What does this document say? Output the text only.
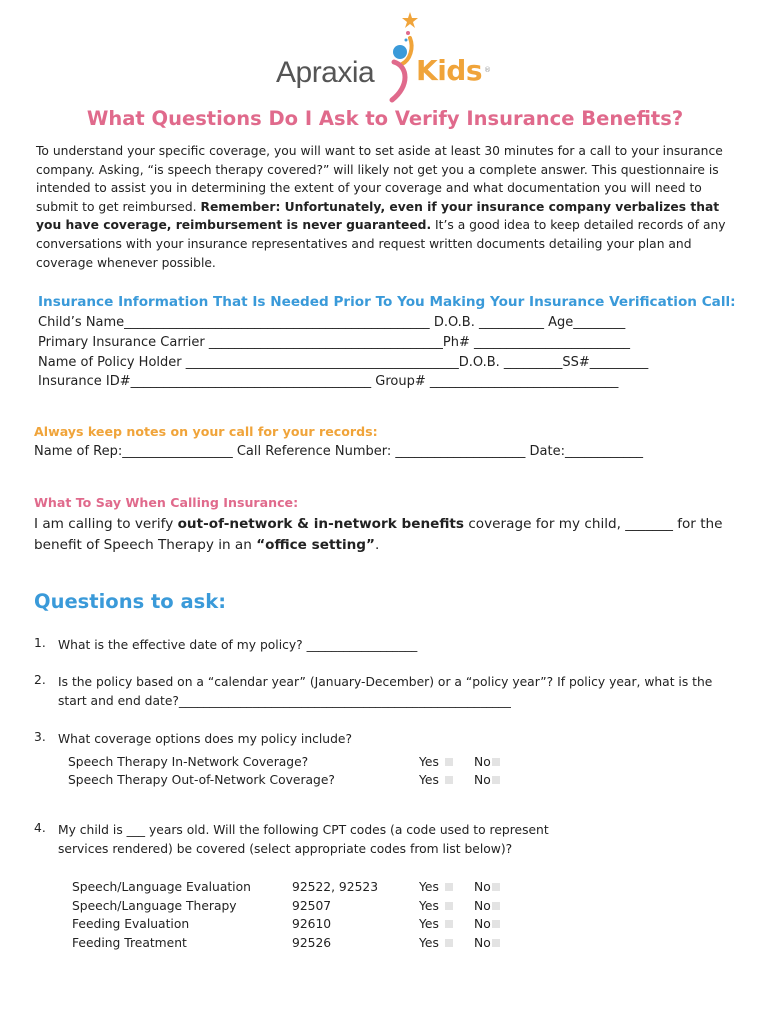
Apraxia Kids ®
What Questions Do I Ask to Verify Insurance Benefits?
To understand your specific coverage, you will want to set aside at least 30 minutes for a call to your insurance company. Asking, “is speech therapy covered?” will likely not get you a complete answer. This questionnaire is intended to assist you in determining the extent of your coverage and what documentation you will need to submit to get reimbursed. Remember: Unfortunately, even if your insurance company verbalizes that you have coverage, reimbursement is never guaranteed. It’s a good idea to keep detailed records of any conversations with your insurance representatives and request written documents detailing your plan and coverage whenever possible.
Insurance Information That Is Needed Prior To You Making Your Insurance Verification Call:
Child’s Name_______________________________________________ D.O.B. __________ Age________
Primary Insurance Carrier ____________________________________Ph# ________________________
Name of Policy Holder __________________________________________D.O.B. _________SS#_________
Insurance ID#_____________________________________ Group# _____________________________
Always keep notes on your call for your records:
Name of Rep:_________________ Call Reference Number: ____________________ Date:____________
What To Say When Calling Insurance:
I am calling to verify out-of-network & in-network benefits coverage for my child, _______ for the benefit of Speech Therapy in an “office setting”.
Questions to ask:
1. What is the effective date of my policy? __________________
2. Is the policy based on a “calendar year” (January-December) or a “policy year”? If policy year, what is the start and end date?______________________________________________________
3. What coverage options does my policy include?
Speech Therapy In-Network Coverage?	Yes	No
Speech Therapy Out-of-Network Coverage?	Yes	No
4. My child is ___ years old. Will the following CPT codes (a code used to represent services rendered) be covered (select appropriate codes from list below)?
Speech/Language Evaluation	92522, 92523	Yes	No
Speech/Language Therapy	92507	Yes	No
Feeding Evaluation	92610	Yes	No
Feeding Treatment	92526	Yes	No
